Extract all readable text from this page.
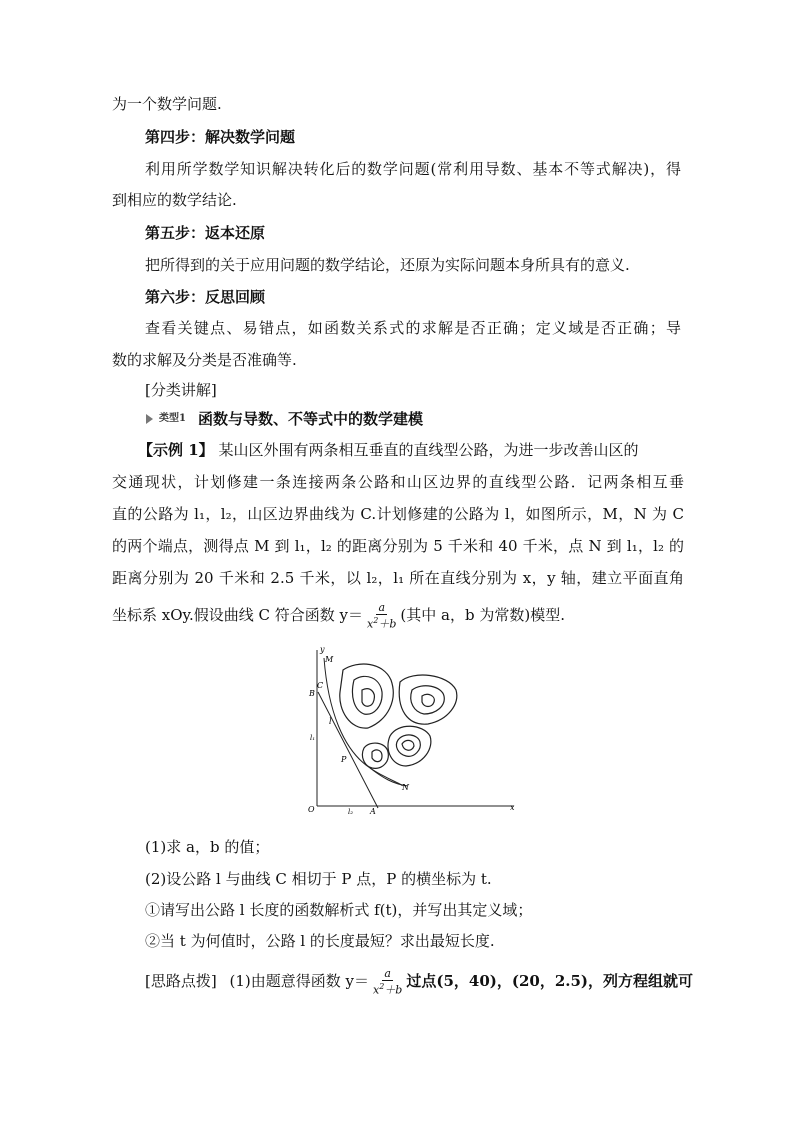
为一个数学问题.
第四步：解决数学问题
利用所学数学知识解决转化后的数学问题(常利用导数、基本不等式解决)，得
到相应的数学结论.
第五步：返本还原
把所得到的关于应用问题的数学结论，还原为实际问题本身所具有的意义.
第六步：反思回顾
查看关键点、易错点，如函数关系式的求解是否正确；定义域是否正确；导
数的求解及分类是否准确等.
[分类讲解]
类型1 函数与导数、不等式中的数学建模
【示例 1】 某山区外围有两条相互垂直的直线型公路，为进一步改善山区的
交通现状，计划修建一条连接两条公路和山区边界的直线型公路．记两条相互垂
直的公路为 l₁，l₂，山区边界曲线为 C.计划修建的公路为 l，如图所示，M，N 为 C
的两个端点，测得点 M 到 l₁，l₂ 的距离分别为 5 千米和 40 千米，点 N 到 l₁，l₂ 的
距离分别为 20 千米和 2.5 千米，以 l₂，l₁ 所在直线分别为 x，y 轴，建立平面直角
坐标系 xOy.假设曲线 C 符合函数 $y= \frac{a}{x^2+b}$ (其中 a，b 为常数)模型.
y
x
M
C
B
l
l₁
P
N
O	l₂ A
(1)求 a，b 的值；
(2)设公路 l 与曲线 C 相切于 P 点，P 的横坐标为 t.
①请写出公路 l 长度的函数解析式 f(t)，并写出其定义域；
②当 t 为何值时，公路 l 的长度最短？求出最短长度.
[思路点拨] (1)由题意得函数 $y= \frac{a}{x^2+b}$ 过点(5，40)，(20，2.5)，列方程组就可
